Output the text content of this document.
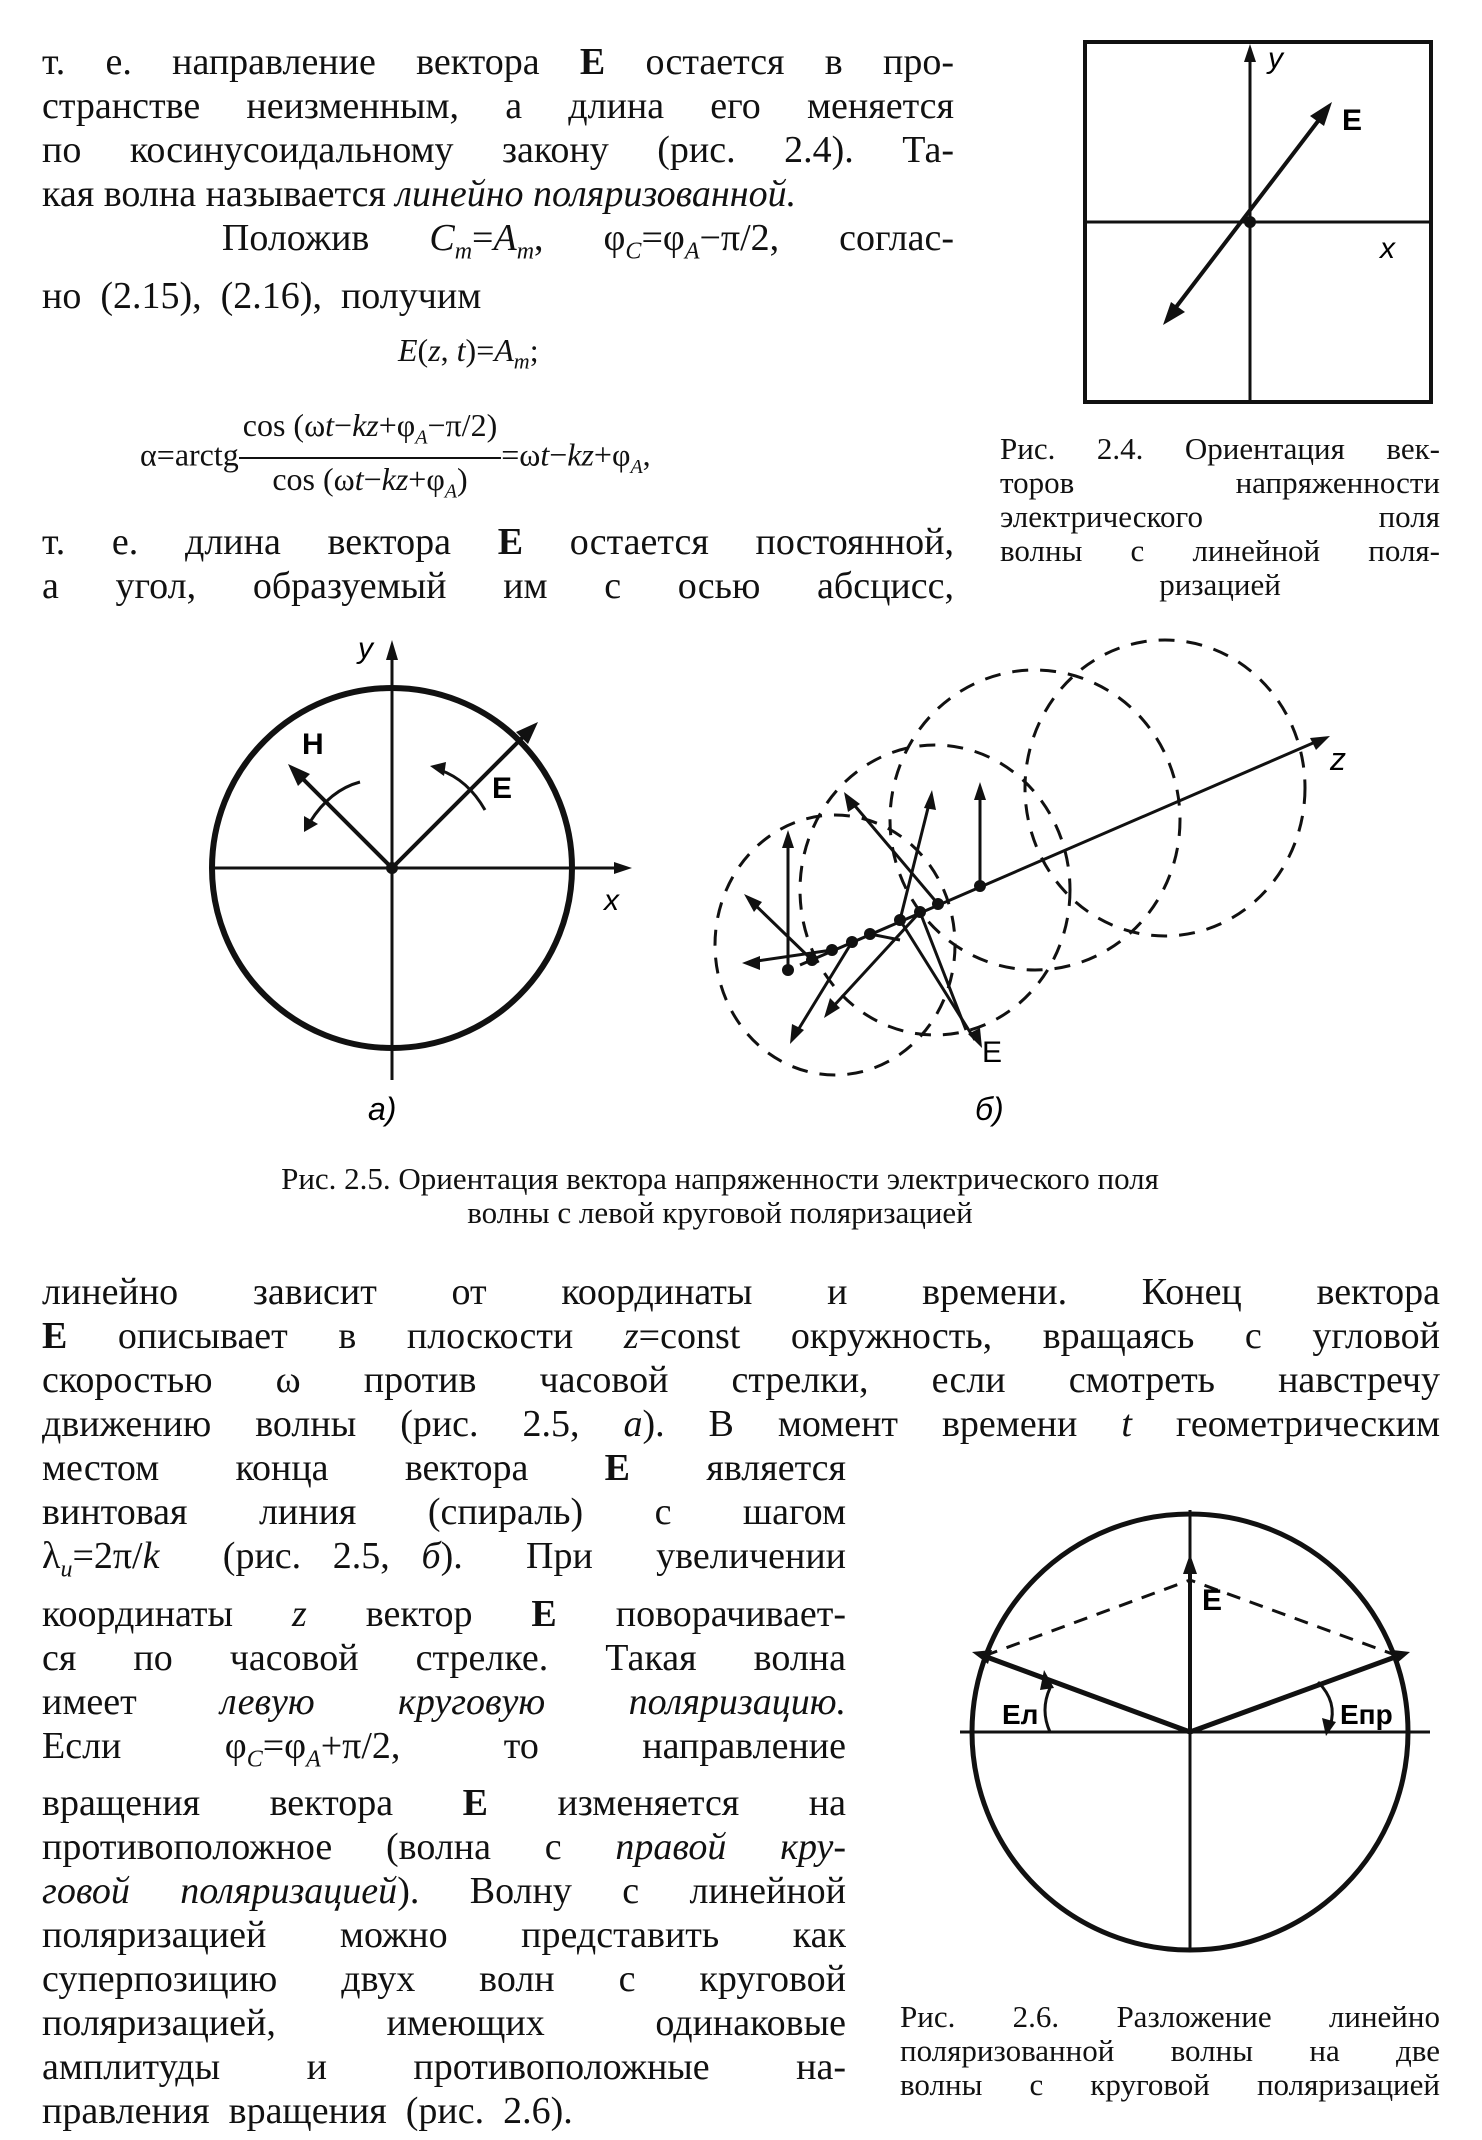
т. е. направление вектора E остается в про-
странстве неизменным, а длина его меняется
по косинусоидальному закону (рис. 2.4). Та-
кая волна называется линейно поляризованной.
Положив  $C_m=A_m$,  $\varphi_C=\varphi_A-\pi/2$,  соглас-
но  (2.15),  (2.16),  получим
E(z, $t)=A_m$;
α=arctg $\frac{\cos (\omega t-kz+\varphi_A-\pi/2)}{\cos (\omega t-kz+\varphi_A)} =\omega t-kz+\varphi_A$,
т. е. длина вектора E остается постоянной,
а  угол,  образуемый  им  с  осью  абсцисс,
y
x
E
Рис. 2.4. Ориентация век-
торов напряженности
электрического поля
волны с линейной поля-
ризацией
y
x
H
E
a)
z
E
б)
Рис. 2.5. Ориентация вектора напряженности электрического поля
волны с левой круговой поляризацией
линейно  зависит  от  координаты  и  времени.  Конец  вектора
E описывает в плоскости z=const окружность, вращаясь с угловой
скоростью ω против часовой стрелки, если смотреть навстречу
движению волны (рис. 2.5, a). В момент времени t геометрическим
местом  конца  вектора  E  является
винтовая  линия  (спираль)  с  шагом
$\lambda_u=2\pi/k$  (рис. 2.5, б).  При  увеличении
координаты z вектор E поворачивает-
ся  по  часовой  стрелке.  Такая  волна
имеет   левую   круговую   поляризацию.
Если    $\varphi_C=\varphi_A+\pi/2$,    то    направление
вращения  вектора  E  изменяется  на
противоположное (волна с правой кру-
говой поляризацией). Волну с линейной
поляризацией можно представить как
суперпозицию  двух  волн  с  круговой
поляризацией,  имеющих  одинаковые
амплитуды  и  противоположные  на-
правления  вращения  (рис.  2.6).
E
Eл	Eпр
Рис. 2.6. Разложение линейно
поляризованной волны на две
волны с круговой поляризацией
